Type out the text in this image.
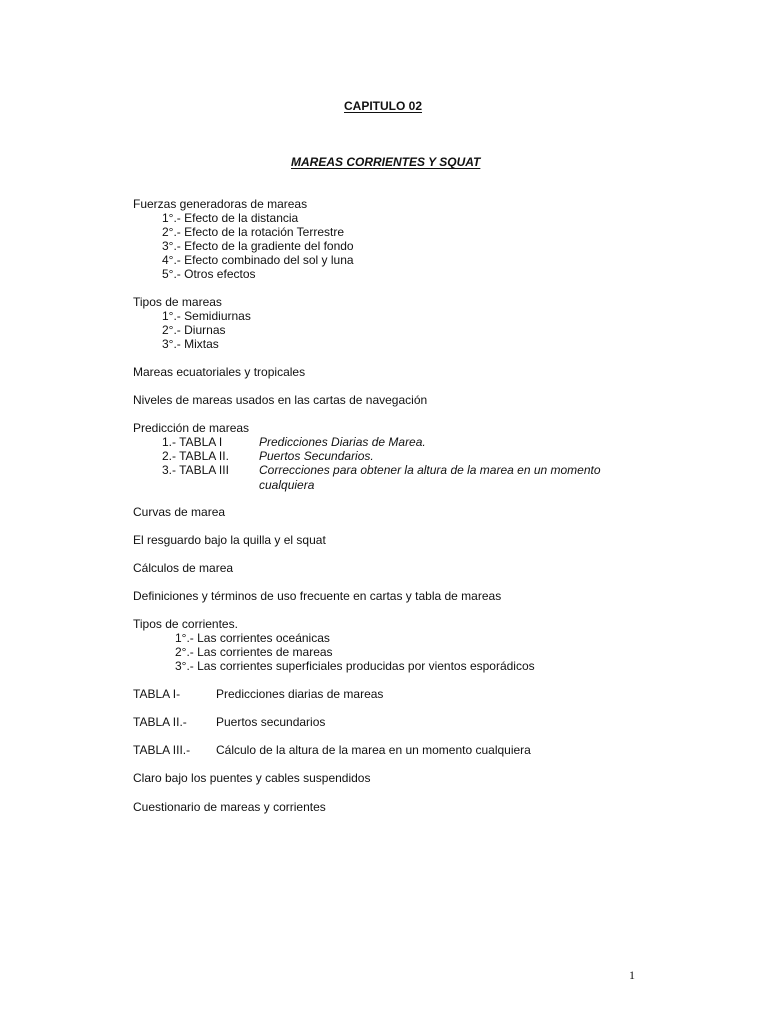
CAPITULO 02
MAREAS CORRIENTES Y SQUAT
Fuerzas generadoras de mareas
1°.- Efecto de la distancia
2°.- Efecto de la rotación Terrestre
3°.- Efecto de la gradiente del fondo
4°.- Efecto combinado del sol y luna
5°.- Otros efectos
Tipos de mareas
1°.- Semidiurnas
2°.- Diurnas
3°.- Mixtas
Mareas ecuatoriales y tropicales
Niveles de mareas usados en las cartas de navegación
Predicción de mareas
1.- TABLA I	Predicciones Diarias de Marea.
2.- TABLA II.	Puertos Secundarios.
3.- TABLA III	Correcciones para obtener la altura de la marea en un momento
cualquiera
Curvas de marea
El resguardo bajo la quilla y el squat
Cálculos de marea
Definiciones y términos de uso frecuente en cartas y tabla de mareas
Tipos de corrientes.
1°.- Las corrientes oceánicas
2°.- Las corrientes de mareas
3°.- Las corrientes superficiales producidas por vientos esporádicos
TABLA I-	Predicciones diarias de mareas
TABLA II.- Puertos secundarios
TABLA III.- Cálculo de la altura de la marea en un momento cualquiera
Claro bajo los puentes y cables suspendidos
Cuestionario de mareas y corrientes
1
